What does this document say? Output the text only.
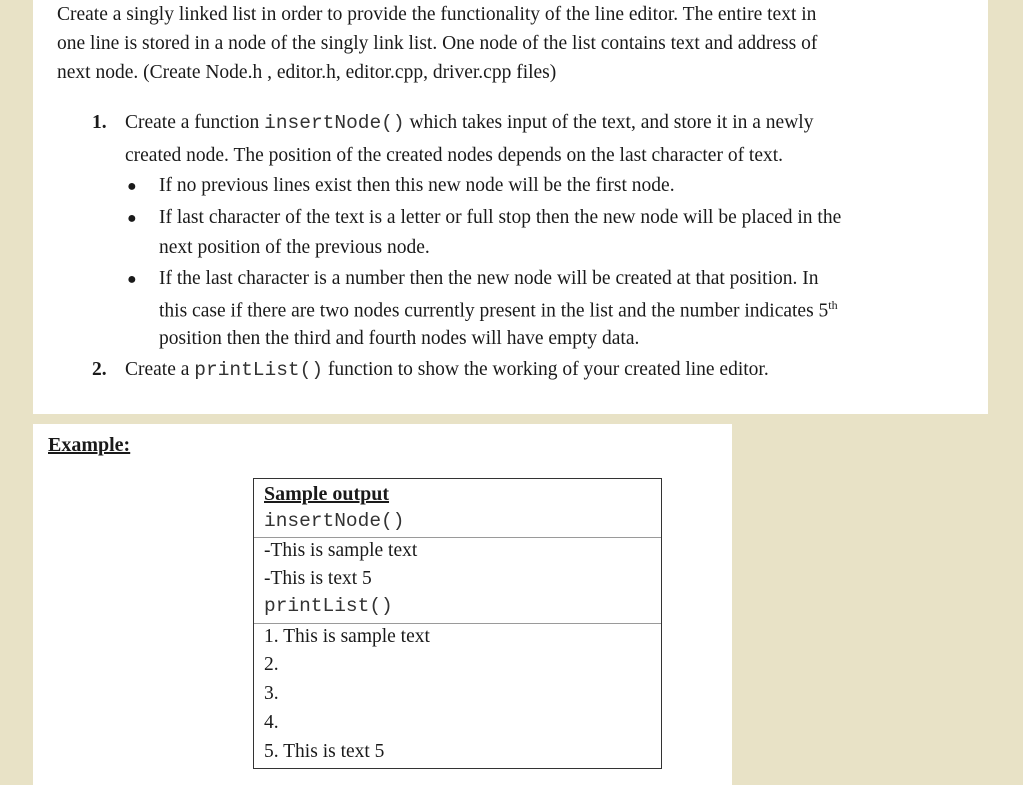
Create a singly linked list in order to provide the functionality of the line editor. The entire text in
one line is stored in a node of the singly link list. One node of the list contains text and address of
next node. (Create Node.h , editor.h, editor.cpp, driver.cpp files)
1. Create a function insertNode() which takes input of the text, and store it in a newly
created node. The position of the created nodes depends on the last character of text.
● If no previous lines exist then this new node will be the first node.
● If last character of the text is a letter or full stop then the new node will be placed in the
next position of the previous node.
● If the last character is a number then the new node will be created at that position. In
this case if there are two nodes currently present in the list and the number indicates 5th
position then the third and fourth nodes will have empty data.
2. Create a printList() function to show the working of your created line editor.
Example:
Sample output
insertNode()
-This is sample text
-This is text 5
printList()
1. This is sample text
2.
3.
4.
5. This is text 5
